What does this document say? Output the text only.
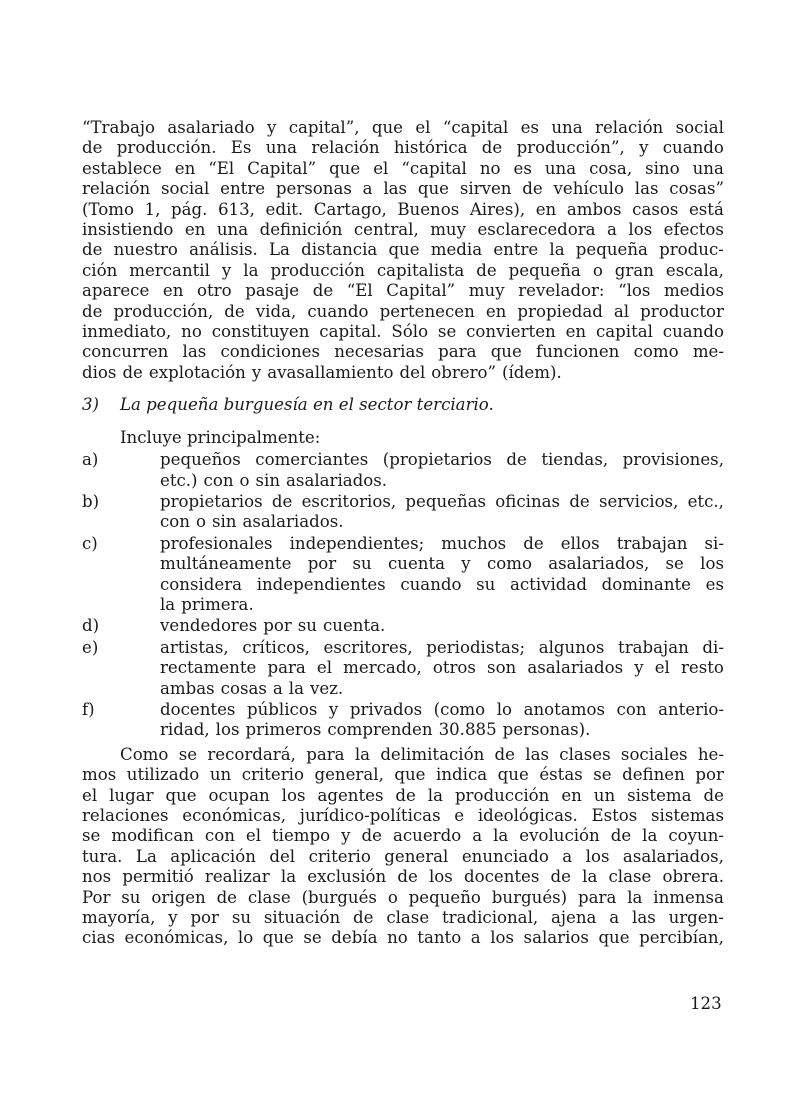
“Trabajo asalariado y capital”, que el “capital es una relación social
de producción. Es una relación histórica de producción”, y cuando
establece en “El Capital” que el “capital no es una cosa, sino una
relación social entre personas a las que sirven de vehículo las cosas”
(Tomo 1, pág. 613, edit. Cartago, Buenos Aires), en ambos casos está
insistiendo en una definición central, muy esclarecedora a los efectos
de nuestro análisis. La distancia que media entre la pequeña produc-
ción mercantil y la producción capitalista de pequeña o gran escala,
aparece en otro pasaje de “El Capital” muy revelador: “los medios
de producción, de vida, cuando pertenecen en propiedad al productor
inmediato, no constituyen capital. Sólo se convierten en capital cuando
concurren las condiciones necesarias para que funcionen como me-
dios de explotación y avasallamiento del obrero” (ídem).
3) La pequeña burguesía en el sector terciario.
Incluye principalmente:
a)	pequeños comerciantes (propietarios de tiendas, provisiones,
etc.) con o sin asalariados.
b)	propietarios de escritorios, pequeñas oficinas de servicios, etc.,
con o sin asalariados.
c)	profesionales independientes; muchos de ellos trabajan si-
multáneamente por su cuenta y como asalariados, se los
considera independientes cuando su actividad dominante es
la primera.
d)	vendedores por su cuenta.
e)	artistas, críticos, escritores, periodistas; algunos trabajan di-
rectamente para el mercado, otros son asalariados y el resto
ambas cosas a la vez.
f)	docentes públicos y privados (como lo anotamos con anterio-
ridad, los primeros comprenden 30.885 personas).
Como se recordará, para la delimitación de las clases sociales he-
mos utilizado un criterio general, que indica que éstas se definen por
el lugar que ocupan los agentes de la producción en un sistema de
relaciones económicas, jurídico-políticas e ideológicas. Estos sistemas
se modifican con el tiempo y de acuerdo a la evolución de la coyun-
tura. La aplicación del criterio general enunciado a los asalariados,
nos permitió realizar la exclusión de los docentes de la clase obrera.
Por su origen de clase (burgués o pequeño burgués) para la inmensa
mayoría, y por su situación de clase tradicional, ajena a las urgen-
cias económicas, lo que se debía no tanto a los salarios que percibían,
123
